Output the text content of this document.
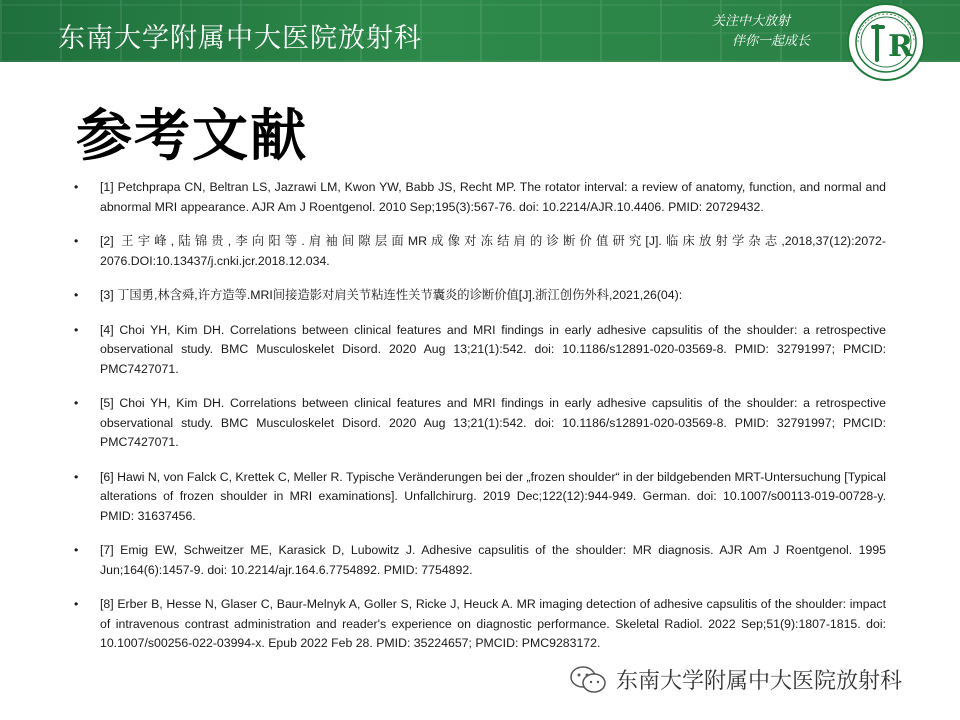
东南大学附属中大医院放射科
关注中大放射
伴你一起成长	R
参考文献
• [1] Petchprapa CN, Beltran LS, Jazrawi LM, Kwon YW, Babb JS, Recht MP. The rotator interval: a review of anatomy, function, and normal and abnormal MRI appearance. AJR Am J Roentgenol. 2010 Sep;195(3):567-76. doi: 10.2214/AJR.10.4406. PMID: 20729432.
• [2] 王宇峰,陆锦贵,李向阳等.肩袖间隙层面MR成像对冻结肩的诊断价值研究[J].临床放射学杂志,2018,37(12):2072-2076.DOI:10.13437/j.cnki.jcr.2018.12.034.
• [3] 丁国勇,林含舜,许方造等.MRI间接造影对肩关节粘连性关节囊炎的诊断价值[J].浙江创伤外科,2021,26(04):
• [4] Choi YH, Kim DH. Correlations between clinical features and MRI findings in early adhesive capsulitis of the shoulder: a retrospective observational study. BMC Musculoskelet Disord. 2020 Aug 13;21(1):542. doi: 10.1186/s12891-020-03569-8. PMID: 32791997; PMCID: PMC7427071.
• [5] Choi YH, Kim DH. Correlations between clinical features and MRI findings in early adhesive capsulitis of the shoulder: a retrospective observational study. BMC Musculoskelet Disord. 2020 Aug 13;21(1):542. doi: 10.1186/s12891-020-03569-8. PMID: 32791997; PMCID: PMC7427071.
• [6] Hawi N, von Falck C, Krettek C, Meller R. Typische Veränderungen bei der „frozen shoulder“ in der bildgebenden MRT-Untersuchung [Typical alterations of frozen shoulder in MRI examinations]. Unfallchirurg. 2019 Dec;122(12):944-949. German. doi: 10.1007/s00113-019-00728-y. PMID: 31637456.
• [7] Emig EW, Schweitzer ME, Karasick D, Lubowitz J. Adhesive capsulitis of the shoulder: MR diagnosis. AJR Am J Roentgenol. 1995 Jun;164(6):1457-9. doi: 10.2214/ajr.164.6.7754892. PMID: 7754892.
• [8] Erber B, Hesse N, Glaser C, Baur-Melnyk A, Goller S, Ricke J, Heuck A. MR imaging detection of adhesive capsulitis of the shoulder: impact of intravenous contrast administration and reader's experience on diagnostic performance. Skeletal Radiol. 2022 Sep;51(9):1807-1815. doi: 10.1007/s00256-022-03994-x. Epub 2022 Feb 28. PMID: 35224657; PMCID: PMC9283172.
东南大学附属中大医院放射科
